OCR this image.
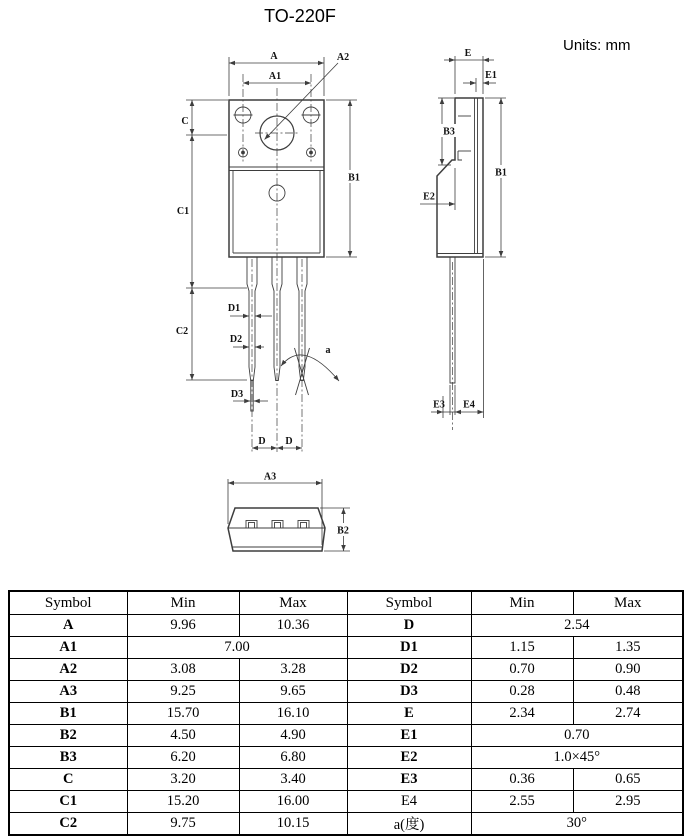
TO-220F
Units: mm
A
A1
A2
C
C1
C2
B1
D1
D2
D3
D D
a
E
E1
B3
B1
E2
E3 E4
A3
B2
Symbol	Min	Max	Symbol	Min	Max
A	9.96	10.36	D	2.54	
A1	7.00		D1	1.15	1.35
A2	3.08	3.28	D2	0.70	0.90
A3	9.25	9.65	D3	0.28	0.48
B1	15.70	16.10	E	2.34	2.74
B2	4.50	4.90	E1	0.70	
B3	6.20	6.80	E2	1.0×45°	
C	3.20	3.40	E3	0.36	0.65
C1	15.20	16.00	E4	2.55	2.95
C2	9.75	10.15	a(度)	30°	
